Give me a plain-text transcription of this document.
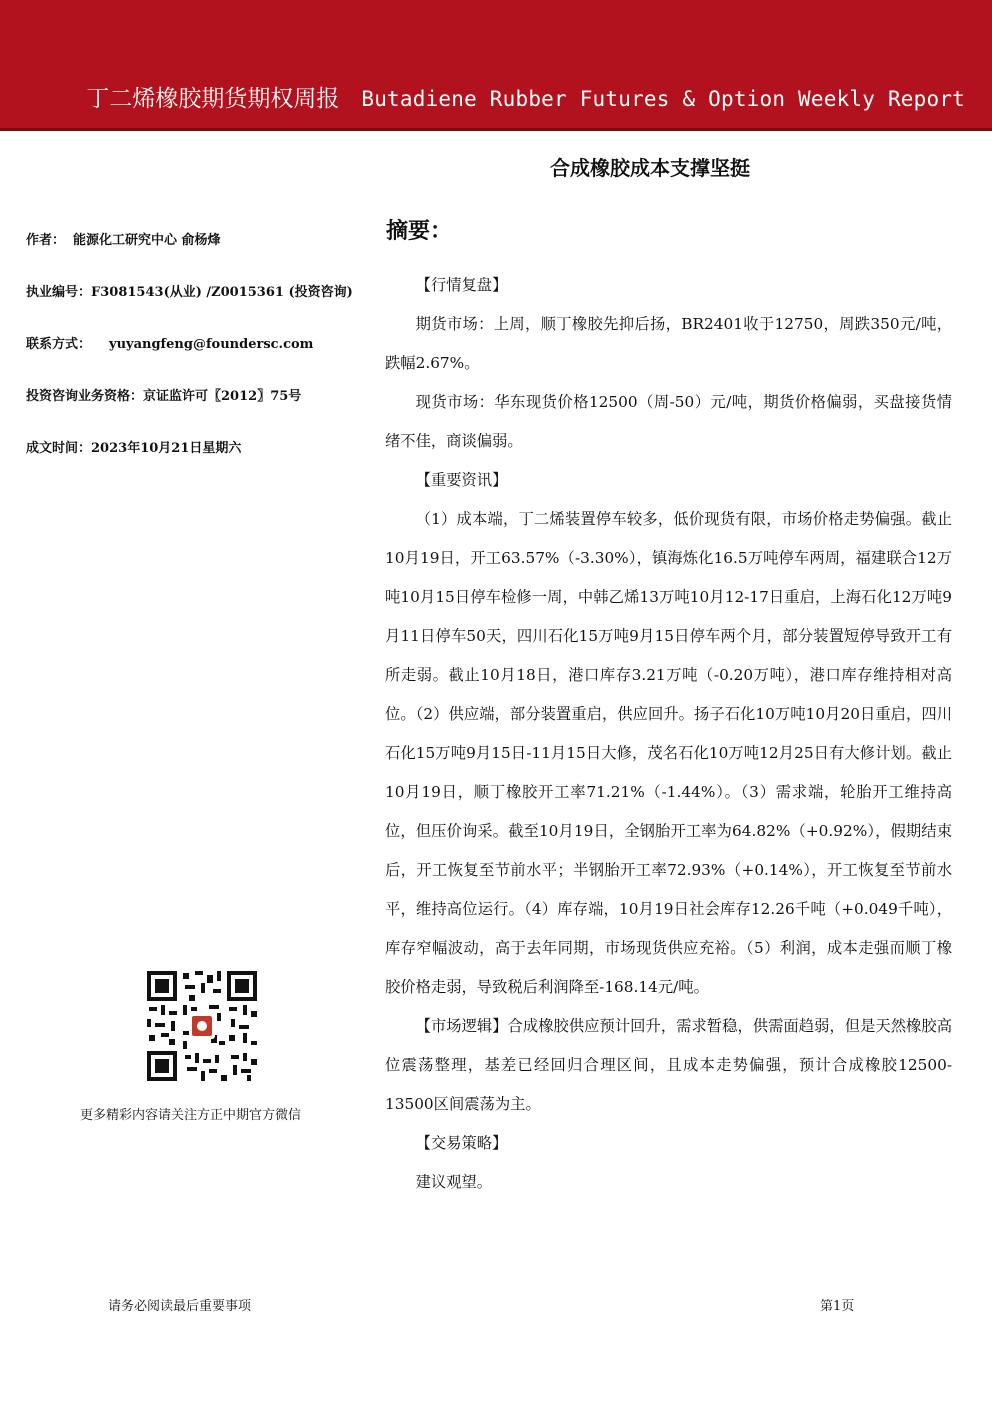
丁二烯橡胶期货期权周报 Butadiene Rubber Futures & Option Weekly Report
合成橡胶成本支撑坚挺
作者： 能源化工研究中心 俞杨烽
执业编号：F3081543(从业) /Z0015361 (投资咨询)
联系方式： yuyangfeng@foundersc.com
投资咨询业务资格：京证监许可〖2012〗75号
成文时间：2023年10月21日星期六
更多精彩内容请关注方正中期官方微信
摘要：

【行情复盘】

期货市场：上周，顺丁橡胶先抑后扬，BR2401收于12750，周跌350元/吨，跌幅2.67%。

现货市场：华东现货价格12500（周-50）元/吨，期货价格偏弱，买盘接货情绪不佳，商谈偏弱。

【重要资讯】

（1）成本端，丁二烯装置停车较多，低价现货有限，市场价格走势偏强。截止10月19日，开工63.57%（-3.30%），镇海炼化16.5万吨停车两周，福建联合12万吨10月15日停车检修一周，中韩乙烯13万吨10月12-17日重启，上海石化12万吨9月11日停车50天，四川石化15万吨9月15日停车两个月，部分装置短停导致开工有所走弱。截止10月18日，港口库存3.21万吨（-0.20万吨），港口库存维持相对高位。（2）供应端，部分装置重启，供应回升。扬子石化10万吨10月20日重启，四川石化15万吨9月15日-11月15日大修，茂名石化10万吨12月25日有大修计划。截止10月19日，顺丁橡胶开工率71.21%（-1.44%）。（3）需求端，轮胎开工维持高位，但压价询采。截至10月19日，全钢胎开工率为64.82%（+0.92%），假期结束后，开工恢复至节前水平；半钢胎开工率72.93%（+0.14%），开工恢复至节前水平，维持高位运行。（4）库存端，10月19日社会库存12.26千吨（+0.049千吨），库存窄幅波动，高于去年同期，市场现货供应充裕。（5）利润，成本走强而顺丁橡胶价格走弱，导致税后利润降至-168.14元/吨。

【市场逻辑】合成橡胶供应预计回升，需求暂稳，供需面趋弱，但是天然橡胶高位震荡整理，基差已经回归合理区间，且成本走势偏强，预计合成橡胶12500-13500区间震荡为主。

【交易策略】

建议观望。

请务必阅读最后重要事项	第1页
